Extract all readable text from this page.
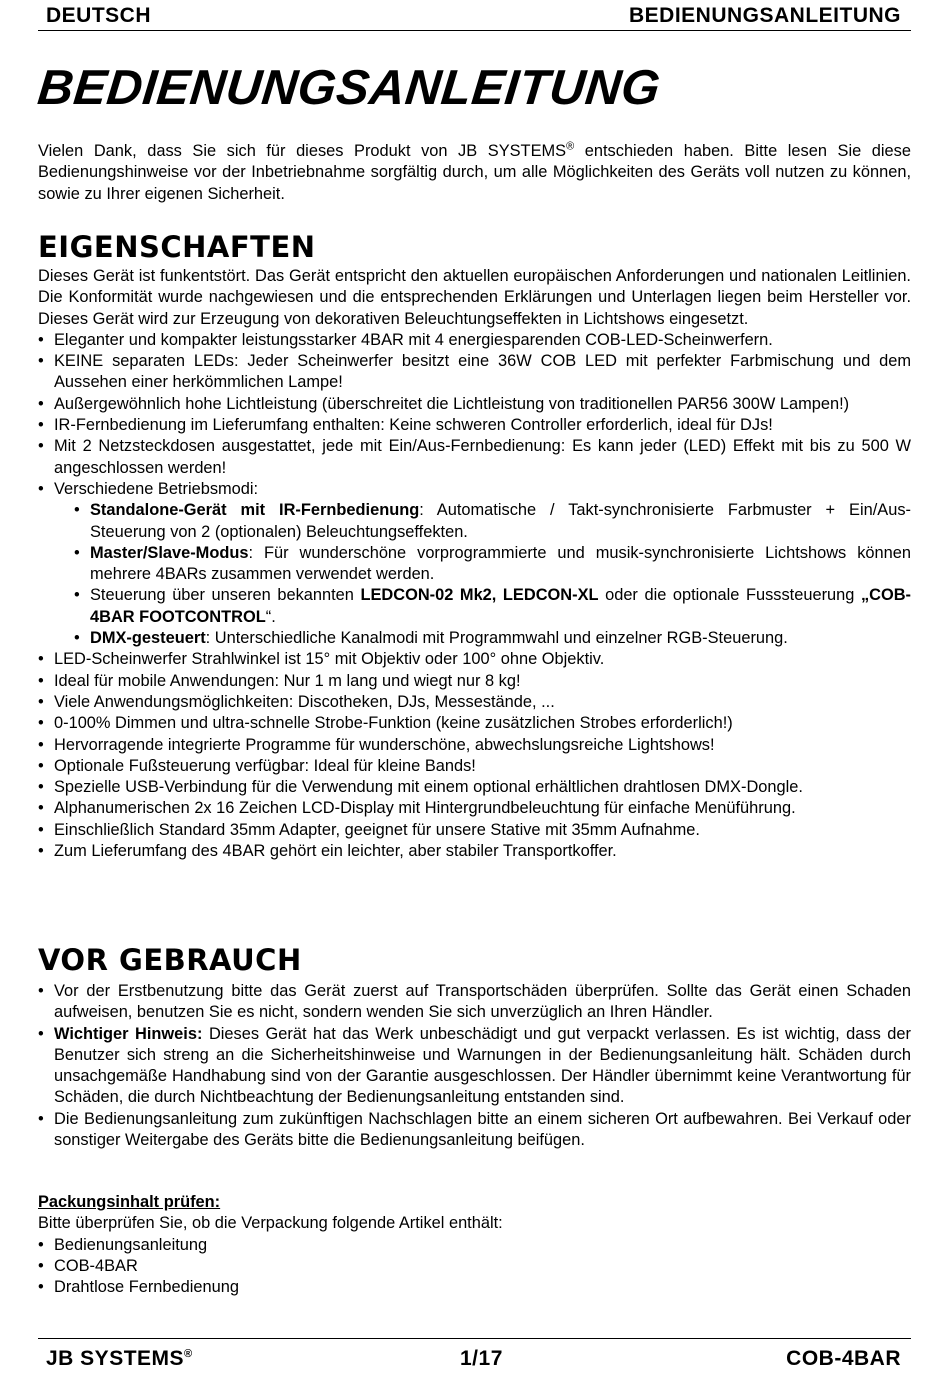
DEUTSCH	BEDIENUNGSANLEITUNG
BEDIENUNGSANLEITUNG
Vielen Dank, dass Sie sich für dieses Produkt von JB SYSTEMS® entschieden haben. Bitte lesen Sie diese Bedienungshinweise vor der Inbetriebnahme sorgfältig durch, um alle Möglichkeiten des Geräts voll nutzen zu können, sowie zu Ihrer eigenen Sicherheit.
EIGENSCHAFTEN
Dieses Gerät ist funkentstört. Das Gerät entspricht den aktuellen europäischen Anforderungen und nationalen Leitlinien. Die Konformität wurde nachgewiesen und die entsprechenden Erklärungen und Unterlagen liegen beim Hersteller vor. Dieses Gerät wird zur Erzeugung von dekorativen Beleuchtungseffekten in Lichtshows eingesetzt.
• Eleganter und kompakter leistungsstarker 4BAR mit 4 energiesparenden COB-LED-Scheinwerfern.
• KEINE separaten LEDs: Jeder Scheinwerfer besitzt eine 36W COB LED mit perfekter Farbmischung und dem Aussehen einer herkömmlichen Lampe!
• Außergewöhnlich hohe Lichtleistung (überschreitet die Lichtleistung von traditionellen PAR56 300W Lampen!)
• IR-Fernbedienung im Lieferumfang enthalten: Keine schweren Controller erforderlich, ideal für DJs!
• Mit 2 Netzsteckdosen ausgestattet, jede mit Ein/Aus-Fernbedienung: Es kann jeder (LED) Effekt mit bis zu 500 W angeschlossen werden!
• Verschiedene Betriebsmodi:
• Standalone-Gerät mit IR-Fernbedienung: Automatische / Takt-synchronisierte Farbmuster + Ein/Aus-Steuerung von 2 (optionalen) Beleuchtungseffekten.
• Master/Slave-Modus: Für wunderschöne vorprogrammierte und musik-synchronisierte Lichtshows können mehrere 4BARs zusammen verwendet werden.
• Steuerung über unseren bekannten LEDCON-02 Mk2, LEDCON-XL oder die optionale Fusssteuerung „COB-4BAR FOOTCONTROL“.
• DMX-gesteuert: Unterschiedliche Kanalmodi mit Programmwahl und einzelner RGB-Steuerung.
• LED-Scheinwerfer Strahlwinkel ist 15° mit Objektiv oder 100° ohne Objektiv.
• Ideal für mobile Anwendungen: Nur 1 m lang und wiegt nur 8 kg!
• Viele Anwendungsmöglichkeiten: Discotheken, DJs, Messestände, ...
• 0-100% Dimmen und ultra-schnelle Strobe-Funktion (keine zusätzlichen Strobes erforderlich!)
• Hervorragende integrierte Programme für wunderschöne, abwechslungsreiche Lightshows!
• Optionale Fußsteuerung verfügbar: Ideal für kleine Bands!
• Spezielle USB-Verbindung für die Verwendung mit einem optional erhältlichen drahtlosen DMX-Dongle.
• Alphanumerischen 2x 16 Zeichen LCD-Display mit Hintergrundbeleuchtung für einfache Menüführung.
• Einschließlich Standard 35mm Adapter, geeignet für unsere Stative mit 35mm Aufnahme.
• Zum Lieferumfang des 4BAR gehört ein leichter, aber stabiler Transportkoffer.
VOR GEBRAUCH
• Vor der Erstbenutzung bitte das Gerät zuerst auf Transportschäden überprüfen. Sollte das Gerät einen Schaden aufweisen, benutzen Sie es nicht, sondern wenden Sie sich unverzüglich an Ihren Händler.
• Wichtiger Hinweis: Dieses Gerät hat das Werk unbeschädigt und gut verpackt verlassen. Es ist wichtig, dass der Benutzer sich streng an die Sicherheitshinweise und Warnungen in der Bedienungsanleitung hält. Schäden durch unsachgemäße Handhabung sind von der Garantie ausgeschlossen. Der Händler übernimmt keine Verantwortung für Schäden, die durch Nichtbeachtung der Bedienungsanleitung entstanden sind.
• Die Bedienungsanleitung zum zukünftigen Nachschlagen bitte an einem sicheren Ort aufbewahren. Bei Verkauf oder sonstiger Weitergabe des Geräts bitte die Bedienungsanleitung beifügen.
Packungsinhalt prüfen:
Bitte überprüfen Sie, ob die Verpackung folgende Artikel enthält:
• Bedienungsanleitung
• COB-4BAR
• Drahtlose Fernbedienung
JB SYSTEMS®	1/17	COB-4BAR
